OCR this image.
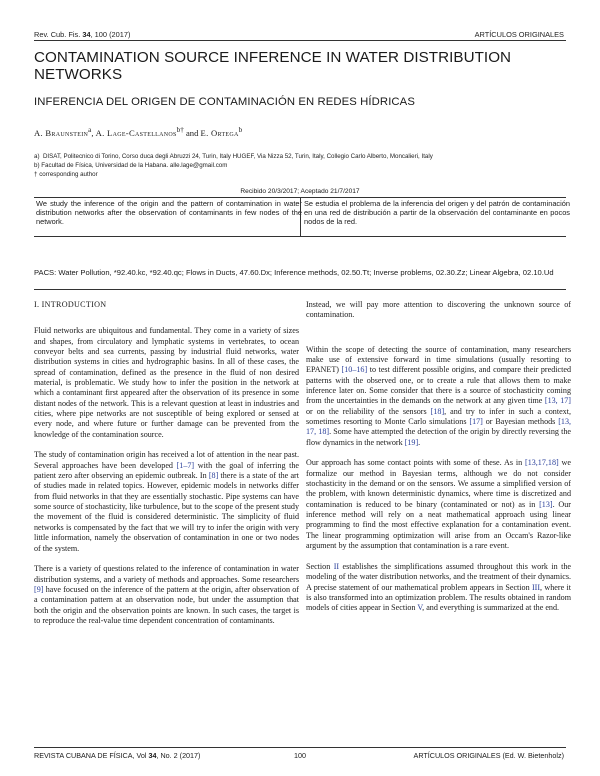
Rev. Cub. Fis. 34, 100 (2017)	ARTÍCULOS ORIGINALES
CONTAMINATION SOURCE INFERENCE IN WATER DISTRIBUTION NETWORKS
INFERENCIA DEL ORIGEN DE CONTAMINACIÓN EN REDES HÍDRICAS
A. Braunstein$^a$, A. Lage-Castellanos$^{b\dagger}$ and E. Ortega$^b$
a) DISAT, Politecnico di Torino, Corso duca degli Abruzzi 24, Turin, Italy HUGEF, Via Nizza 52, Turin, Italy, Collegio Carlo Alberto, Moncalieri, Italy
b) Facultad de Física, Universidad de la Habana. alle.lage@gmail.com
† corresponding author
Recibido 20/3/2017; Aceptado 21/7/2017
We study the inference of the origin and the pattern of contamination in water distribution networks after the observation of contaminants in few nodes of the network.
Se estudia el problema de la inferencia del origen y del patrón de contaminación en una red de distribución a partir de la observación del contaminante en pocos nodos de la red.
PACS: Water Pollution, *92.40.kc, *92.40.qc; Flows in Ducts, 47.60.Dx; Inference methods, 02.50.Tt; Inverse problems, 02.30.Zz; Linear Algebra, 02.10.Ud
I. INTRODUCTION

Fluid networks are ubiquitous and fundamental. They come in a variety of sizes and shapes, from circulatory and lymphatic systems in vertebrates, to ocean conveyor belts and sea currents, passing by industrial fluid networks, water distribution systems in cities and hydrographic basins. In all of these cases, the spread of contamination, defined as the presence in the fluid of non desired material, is problematic. We study how to infer the position in the network at which a contaminant first appeared after the observation of its presence in some distant nodes of the network. This is a relevant question at least in industries and cities, where pipe networks are not susceptible of being explored or sensed at every node, and where future or further damage can be prevented from the knowledge of the contamination source.

The study of contamination origin has received a lot of attention in the near past. Several approaches have been developed [1–7] with the goal of inferring the patient zero after observing an epidemic outbreak. In [8] there is a state of the art of studies made in related topics. However, epidemic models in networks differ from fluid networks in that they are essentially stochastic. Pipe systems can have some source of stochasticity, like turbulence, but to the scope of the present study the movement of the fluid is considered deterministic. The simplicity of fluid networks is compensated by the fact that we will try to infer the origin with very little information, namely the observation of contamination in one or two nodes of the system.

There is a variety of questions related to the inference of contamination in water distribution systems, and a variety of methods and approaches. Some researchers [9] have focused on the inference of the pattern at the origin, after observation of a contamination pattern at an observation node, but under the assumption that both the origin and the observation points are known. In such cases, the target is to reproduce the real-value time dependent concentration of contaminants.

Instead, we will pay more attention to discovering the unknown source of contamination.

Within the scope of detecting the source of contamination, many researchers make use of extensive forward in time simulations (usually resorting to EPANET) [10–16] to test different possible origins, and compare their predicted patterns with the observed one, or to create a rule that allows them to make inference later on. Some consider that there is a source of stochasticity coming from the uncertainties in the demands on the network at any given time [13, 17] or on the reliability of the sensors [18], and try to infer in such a context, sometimes resorting to Monte Carlo simulations [17] or Bayesian methods [13, 17, 18]. Some have attempted the detection of the origin by directly reversing the flow dynamics in the network [19].

Our approach has some contact points with some of these. As in [13,17,18] we formalize our method in Bayesian terms, although we do not consider stochasticity in the demand or on the sensors. We assume a simplified version of the problem, with known deterministic dynamics, where time is discretized and contamination is reduced to be binary (contaminated or not) as in [13]. Our inference method will rely on a neat mathematical approach using linear programming to find the most effective explanation for a contamination event. The linear programming optimization will arise from an Occam's Razor-like argument by the assumption that contamination is a rare event.

Section II establishes the simplifications assumed throughout this work in the modeling of the water distribution networks, and the treatment of their dynamics. A precise statement of our mathematical problem appears in Section III, where it is also transformed into an optimization problem. The results obtained in random models of cities appear in Section V, and everything is summarized at the end.

REVISTA CUBANA DE FÍSICA, Vol 34, No. 2 (2017)	100	ARTÍCULOS ORIGINALES (Ed. W. Bietenholz)
